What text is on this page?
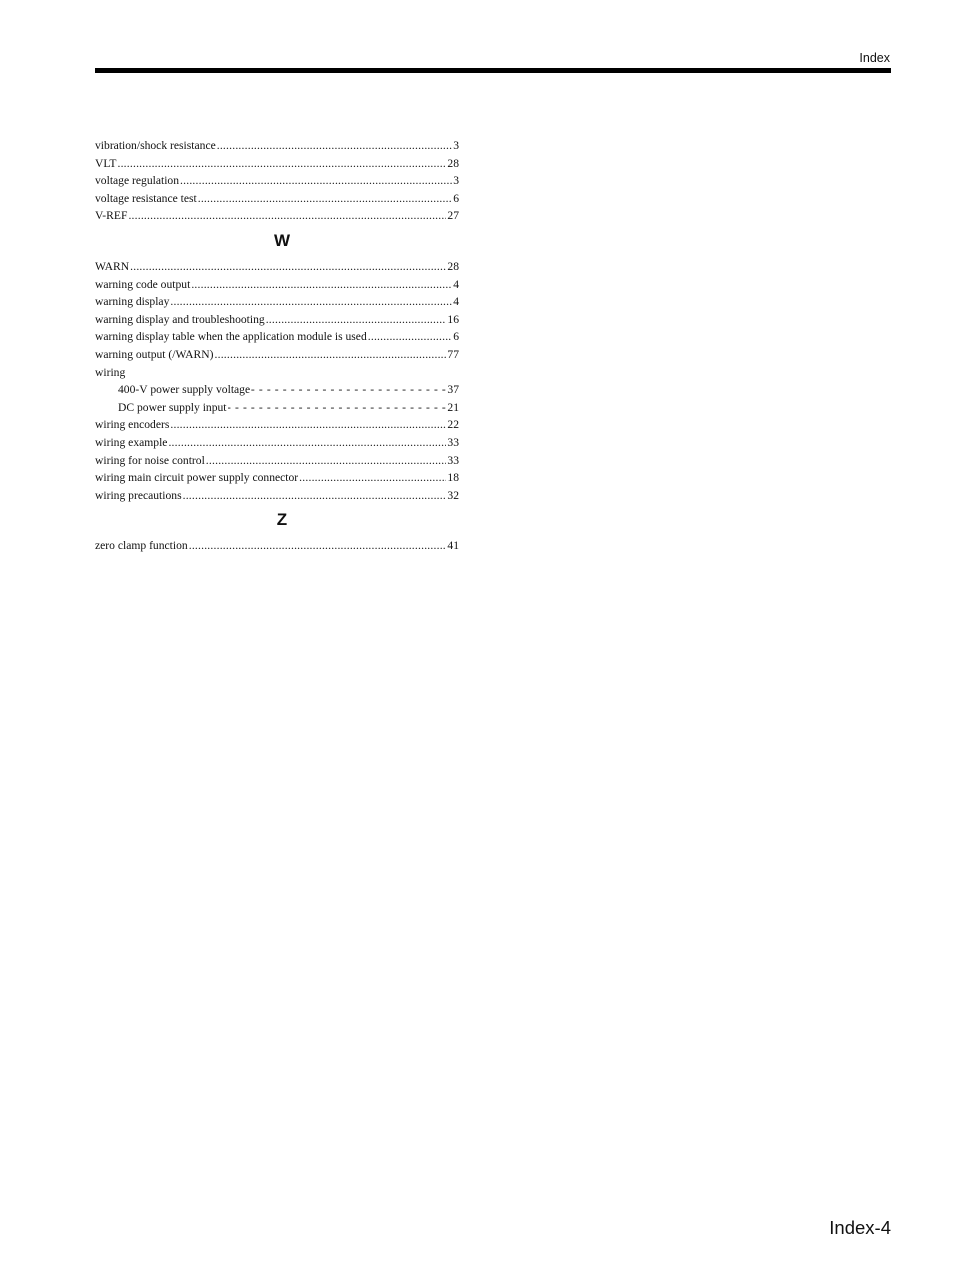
Index
vibration/shock resistance .....	3
VLT .....	28
voltage regulation .....	3
voltage resistance test .....	6
V-REF .....	27
W
WARN .....	28
warning code output .....	4
warning display .....	4
warning display and troubleshooting .....	16
warning display table when the application module is used .....	6
warning output (/WARN) .....	77
wiring
400-V power supply voltage - - -	37
DC power supply input - - -	21
wiring encoders .....	22
wiring example .....	33
wiring for noise control .....	33
wiring main circuit power supply connector .....	18
wiring precautions .....	32
Z
zero clamp function .....	41
Index-4
